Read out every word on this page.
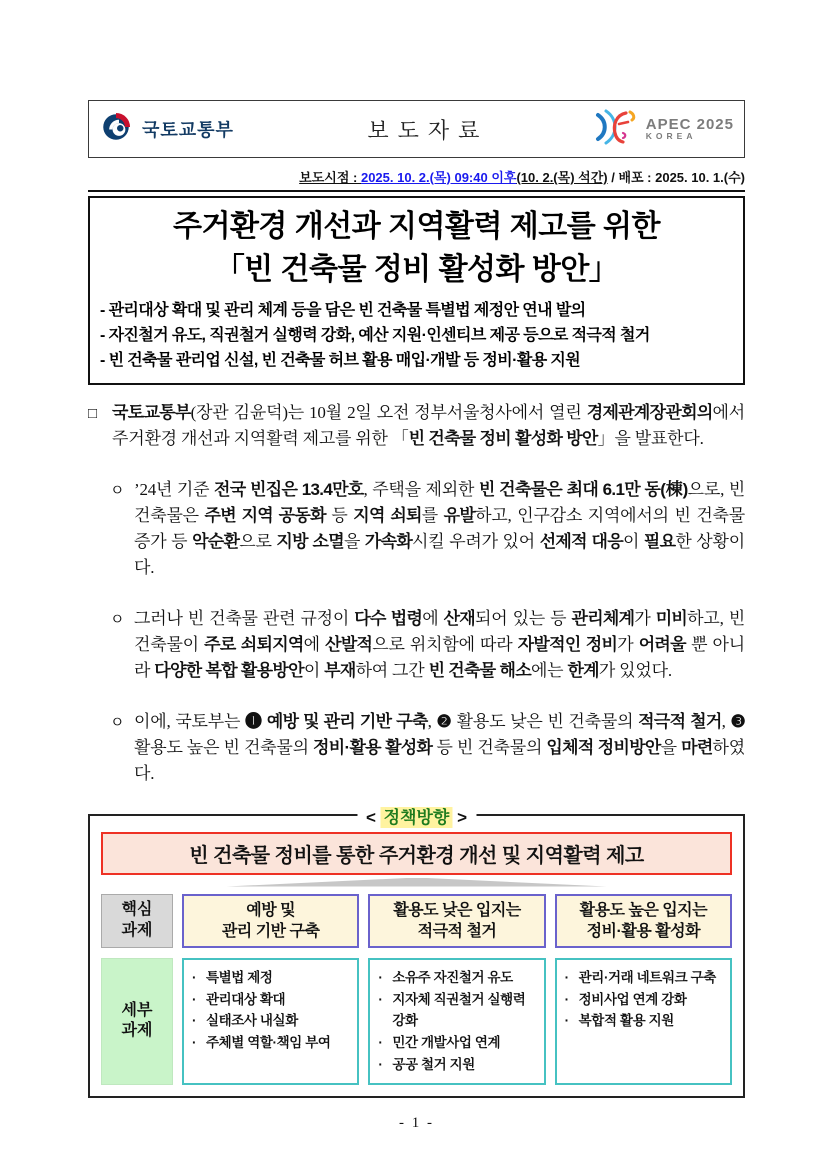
국토교통부	보도자료	APEC 2025
KOREA
보도시점 : 2025. 10. 2.(목) 09:40 이후(10. 2.(목) 석간) / 배포 : 2025. 10. 1.(수)
주거환경 개선과 지역활력 제고를 위한
「빈 건축물 정비 활성화 방안」
- 관리대상 확대 및 관리 체계 등을 담은 빈 건축물 특별법 제정안 연내 발의
- 자진철거 유도, 직권철거 실행력 강화, 예산 지원·인센티브 제공 등으로 적극적 철거
- 빈 건축물 관리업 신설, 빈 건축물 허브 활용 매입·개발 등 정비·활용 지원
□ 국토교통부(장관 김윤덕)는 10월 2일 오전 정부서울청사에서 열린 경제관계장관회의에서 주거환경 개선과 지역활력 제고를 위한 「빈 건축물 정비 활성화 방안」을 발표한다.
ㅇ ’24년 기준 전국 빈집은 13.4만호, 주택을 제외한 빈 건축물은 최대 6.1만 동(棟)으로, 빈 건축물은 주변 지역 공동화 등 지역 쇠퇴를 유발하고, 인구감소 지역에서의 빈 건축물 증가 등 악순환으로 지방 소멸을 가속화시킬 우려가 있어 선제적 대응이 필요한 상황이다.
ㅇ 그러나 빈 건축물 관련 규정이 다수 법령에 산재되어 있는 등 관리체계가 미비하고, 빈 건축물이 주로 쇠퇴지역에 산발적으로 위치함에 따라 자발적인 정비가 어려울 뿐 아니라 다양한 복합 활용방안이 부재하여 그간 빈 건축물 해소에는 한계가 있었다.
ㅇ 이에, 국토부는 ❶ 예방 및 관리 기반 구축, ❷ 활용도 낮은 빈 건축물의 적극적 철거, ❸ 활용도 높은 빈 건축물의 정비·활용 활성화 등 빈 건축물의 입체적 정비방안을 마련하였다.
< 정책방향 >
빈 건축물 정비를 통한 주거환경 개선 및 지역활력 제고
핵심
과제
예방 및
관리 기반 구축
활용도 낮은 입지는
적극적 철거
활용도 높은 입지는
정비·활용 활성화
세부
과제
· 특별법 제정
· 관리대상 확대
· 실태조사 내실화
· 주체별 역할·책임 부여
· 소유주 자진철거 유도
· 지자체 직권철거 실행력 강화
· 민간 개발사업 연계
· 공공 철거 지원
· 관리·거래 네트워크 구축
· 정비사업 연계 강화
· 복합적 활용 지원
- 1 -
